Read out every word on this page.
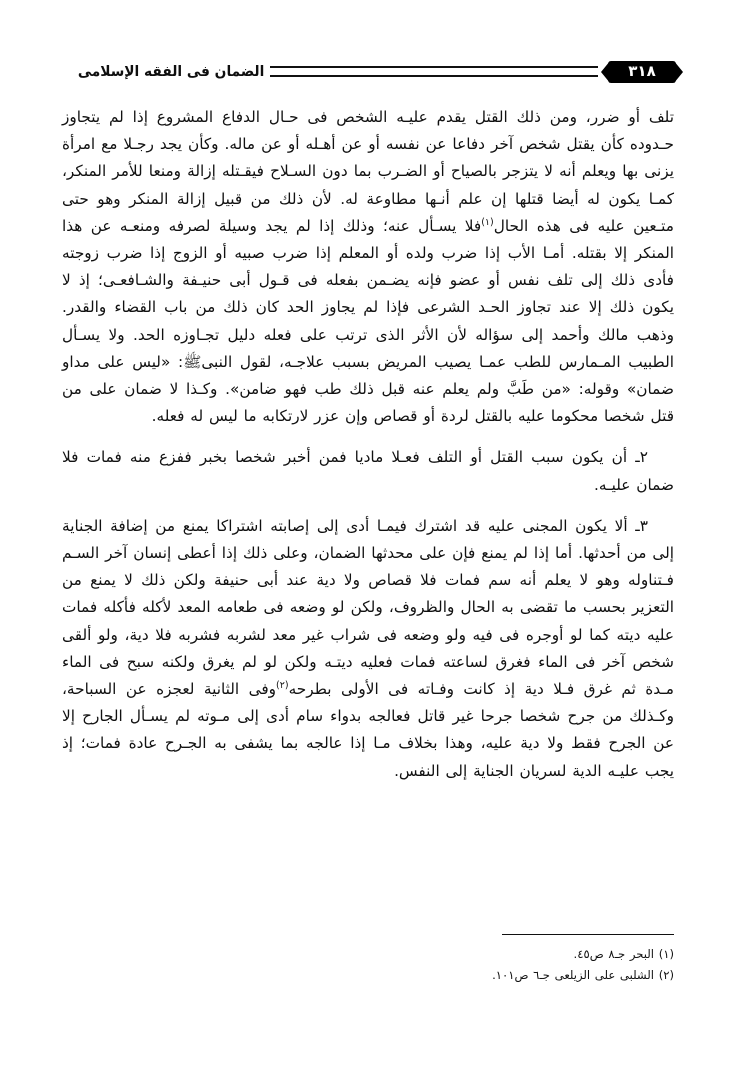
الضمان فى الفقه الإسلامى	٣١٨

تلف أو ضرر، ومن ذلك القتل يقدم عليـه الشخص فى حـال الدفاع المشروع إذا لم يتجاوز حـدوده كأن يقتل شخص آخر دفاعا عن نفسه أو عن أهـله أو عن ماله. وكأن يجد رجـلا مع امرأة يزنى بها ويعلم أنه لا يتزجر بالصياح أو الضـرب بما دون السـلاح فيقـتله إزالة ومنعا للأمر المنكر، كمـا يكون له أيضا قتلها إن علم أنـها مطاوعة له. لأن ذلك من قبيل إزالة المنكر وهو حتى متـعين عليه فى هذه الحال$^{(١)}$فلا يسـأل عنه؛ وذلك إذا لم يجد وسيلة لصرفه ومنعـه عن هذا المنكر إلا بقتله. أمـا الأب إذا ضرب ولده أو المعلم إذا ضرب صبيه أو الزوج إذا ضرب زوجته فأدى ذلك إلى تلف نفس أو عضو فإنه يضـمن بفعله فى قـول أبى حنيـفة والشـافعـى؛ إذ لا يكون ذلك إلا عند تجاوز الحـد الشرعى فإذا لم يجاوز الحد كان ذلك من باب القضاء والقدر. وذهب مالك وأحمد إلى سؤاله لأن الأثر الذى ترتب على فعله دليل تجـاوزه الحد. ولا يسـأل الطبيب المـمارس للطب عمـا يصيب المريض بسبب علاجـه، لقول النبىﷺ: «ليس على مداو ضمان» وقوله: «من طَبَّ ولم يعلم عنه قبل ذلك طب فهو ضامن». وكـذا لا ضمان على من قتل شخصا محكوما عليه بالقتل لردة أو قصاص وإن عزر لارتكابه ما ليس له فعله.

٢ـ أن يكون سبب القتل أو التلف فعـلا ماديا فمن أخبر شخصا بخبر ففزع منه فمات فلا ضمان عليـه.

٣ـ ألا يكون المجنى عليه قد اشترك فيمـا أدى إلى إصابته اشتراكا يمنع من إضافة الجناية إلى من أحدثها. أما إذا لم يمنع فإن على محدثها الضمان، وعلى ذلك إذا أعطى إنسان آخر السـم فـتناوله وهو لا يعلم أنه سم فمات فلا قصاص ولا دية عند أبى حنيفة ولكن ذلك لا يمنع من التعزير بحسب ما تقضى به الحال والظروف، ولكن لو وضعه فى طعامه المعد لأكله فأكله فمات عليه ديته كما لو أوجره فى فيه ولو وضعه فى شراب غير معد لشربه فشربه فلا دية، ولو ألقى شخص آخر فى الماء فغرق لساعته فمات فعليه ديتـه ولكن لو لم يغرق ولكنه سبح فى الماء مـدة ثم غرق فـلا دية إذ كانت وفـاته فى الأولى بطرحه$^{(٢)}$وفى الثانية لعجزه عن السباحة، وكـذلك من جرح شخصا جرحا غير قاتل فعالجه بدواء سام أدى إلى مـوته لم يسـأل الجارح إلا عن الجرح فقط ولا دية عليه، وهذا بخلاف مـا إذا عالجه بما يشفى به الجـرح عادة فمات؛ إذ يجب عليـه الدية لسريان الجناية إلى النفس.

(١) البحر جـ٨ ص٤٥.

(٢) الشلبى على الزيلعى جـ٦ ص١٠١.
